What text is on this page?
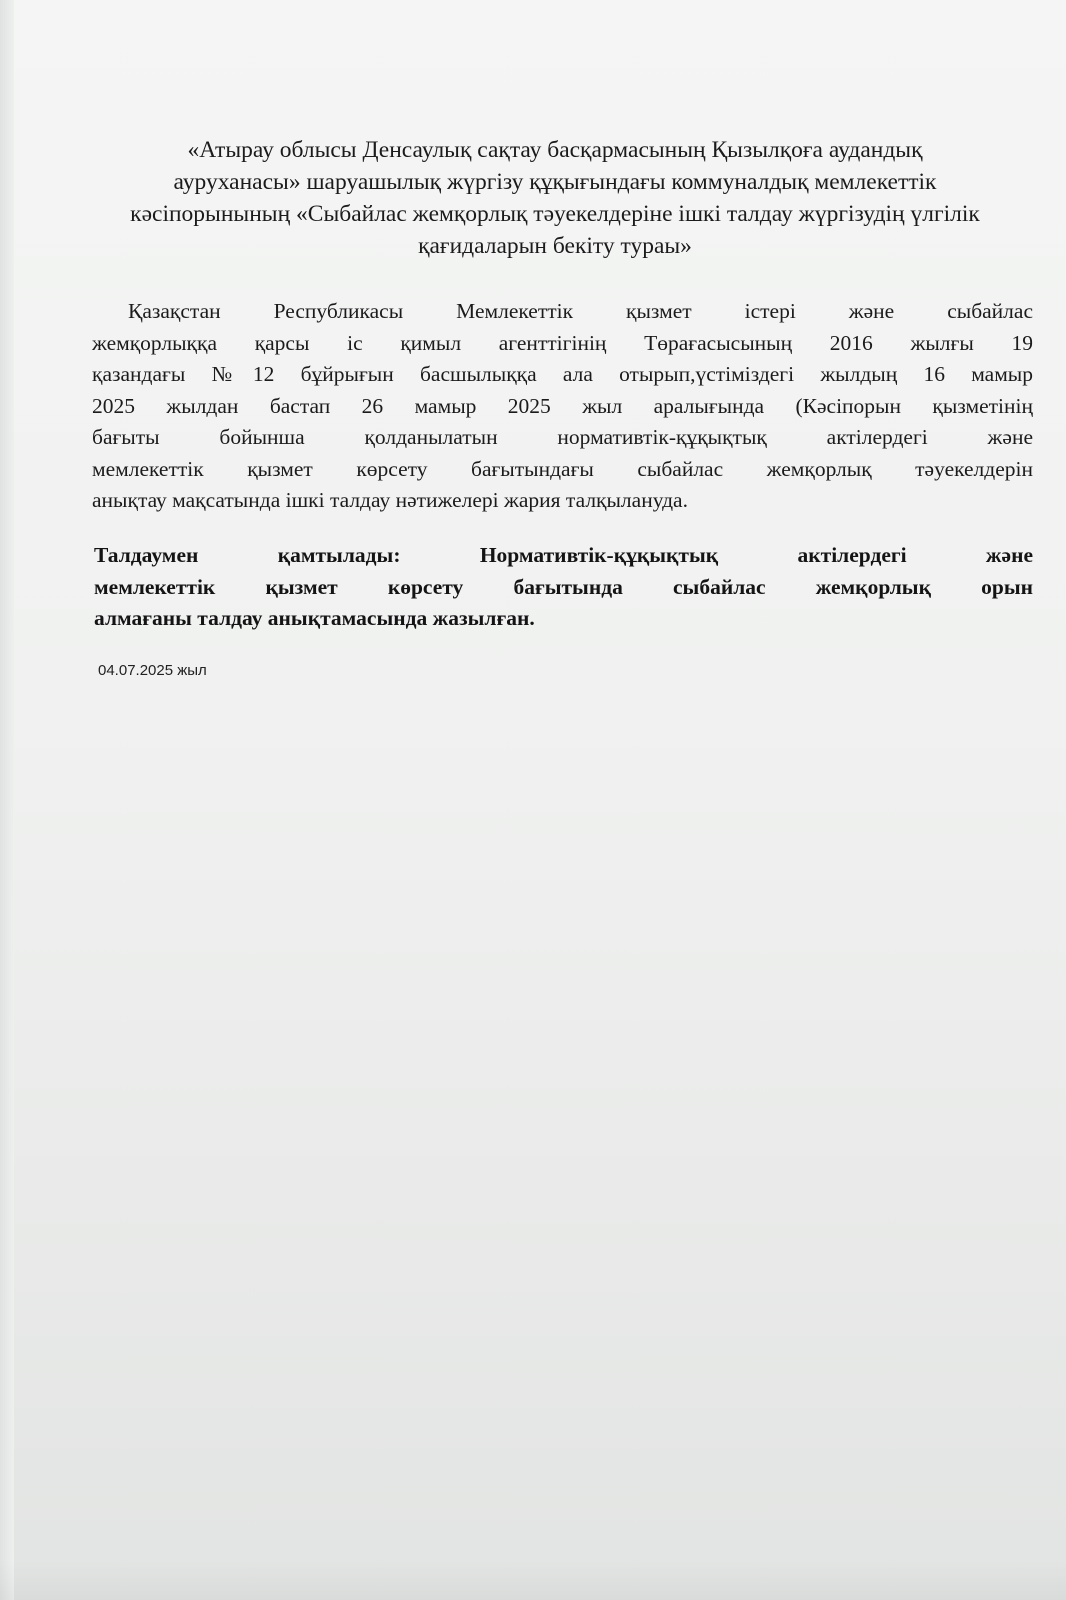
«Атырау облысы Денсаулық сақтау басқармасының Қызылқоға аудандық
ауруханасы» шаруашылық жүргізу құқығындағы коммуналдық мемлекеттік
кәсіпорынының «Сыбайлас жемқорлық тәуекелдеріне ішкі талдау жүргізудің үлгілік
қағидаларын бекіту тураы»
Қазақстан Республикасы Мемлекеттік қызмет істері және сыбайлас
жемқорлыққа қарсы іс қимыл агенттігінің Төрағасысының 2016 жылғы 19
қазандағы №12 бұйрығын басшылыққа ала отырып,үстіміздегі жылдың 16 мамыр
2025 жылдан бастап 26 мамыр 2025 жыл аралығында (Кәсіпорын қызметінің
бағыты бойынша қолданылатын нормативтік-құқықтық актілердегі және
мемлекеттік қызмет көрсету бағытындағы сыбайлас жемқорлық тәуекелдерін
анықтау мақсатында ішкі талдау нәтижелері жария талқылануда.
Талдаумен қамтылады: Нормативтік-құқықтық актілердегі және
мемлекеттік қызмет көрсету бағытында сыбайлас жемқорлық орын
алмағаны талдау анықтамасында жазылған.
04.07.2025 жыл
